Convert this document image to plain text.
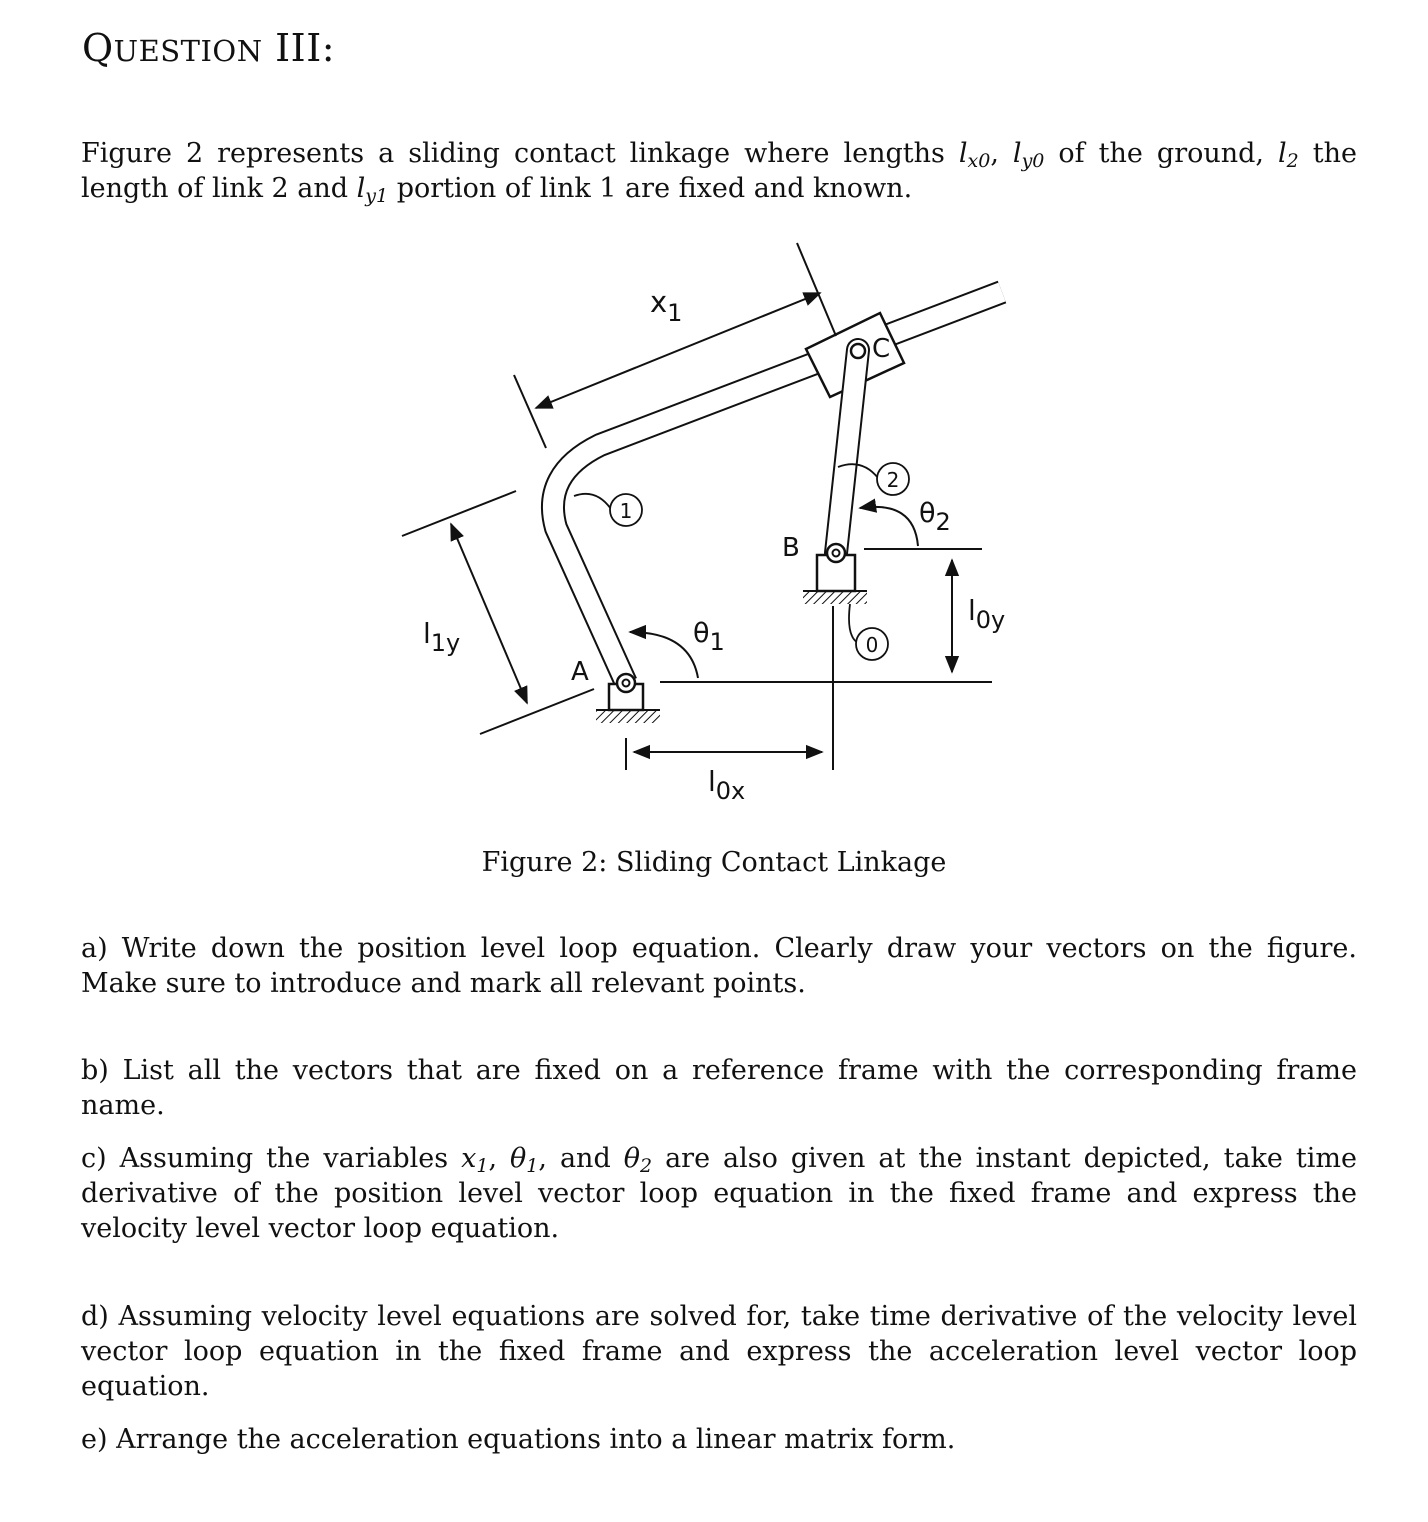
QUESTION III:
Figure 2 represents a sliding contact linkage where lengths $l_{x0}$, $l_{y0}$ of the ground, $l_2$ the length of link 2 and $l_{y1}$ portion of link 1 are fixed and known.
1
2
0
A
B
C
$x_1$
l1y
l0x
l0y
θ1
θ2
Figure 2: Sliding Contact Linkage
a) Write down the position level loop equation. Clearly draw your vectors on the figure. Make sure to introduce and mark all relevant points.
b) List all the vectors that are fixed on a reference frame with the corresponding frame name.
c) Assuming the variables $x_1$, $\theta_1$, and $\theta_2$ are also given at the instant depicted, take time derivative of the position level vector loop equation in the fixed frame and express the velocity level vector loop equation.
d) Assuming velocity level equations are solved for, take time derivative of the velocity level vector loop equation in the fixed frame and express the acceleration level vector loop equation.
e) Arrange the acceleration equations into a linear matrix form.
